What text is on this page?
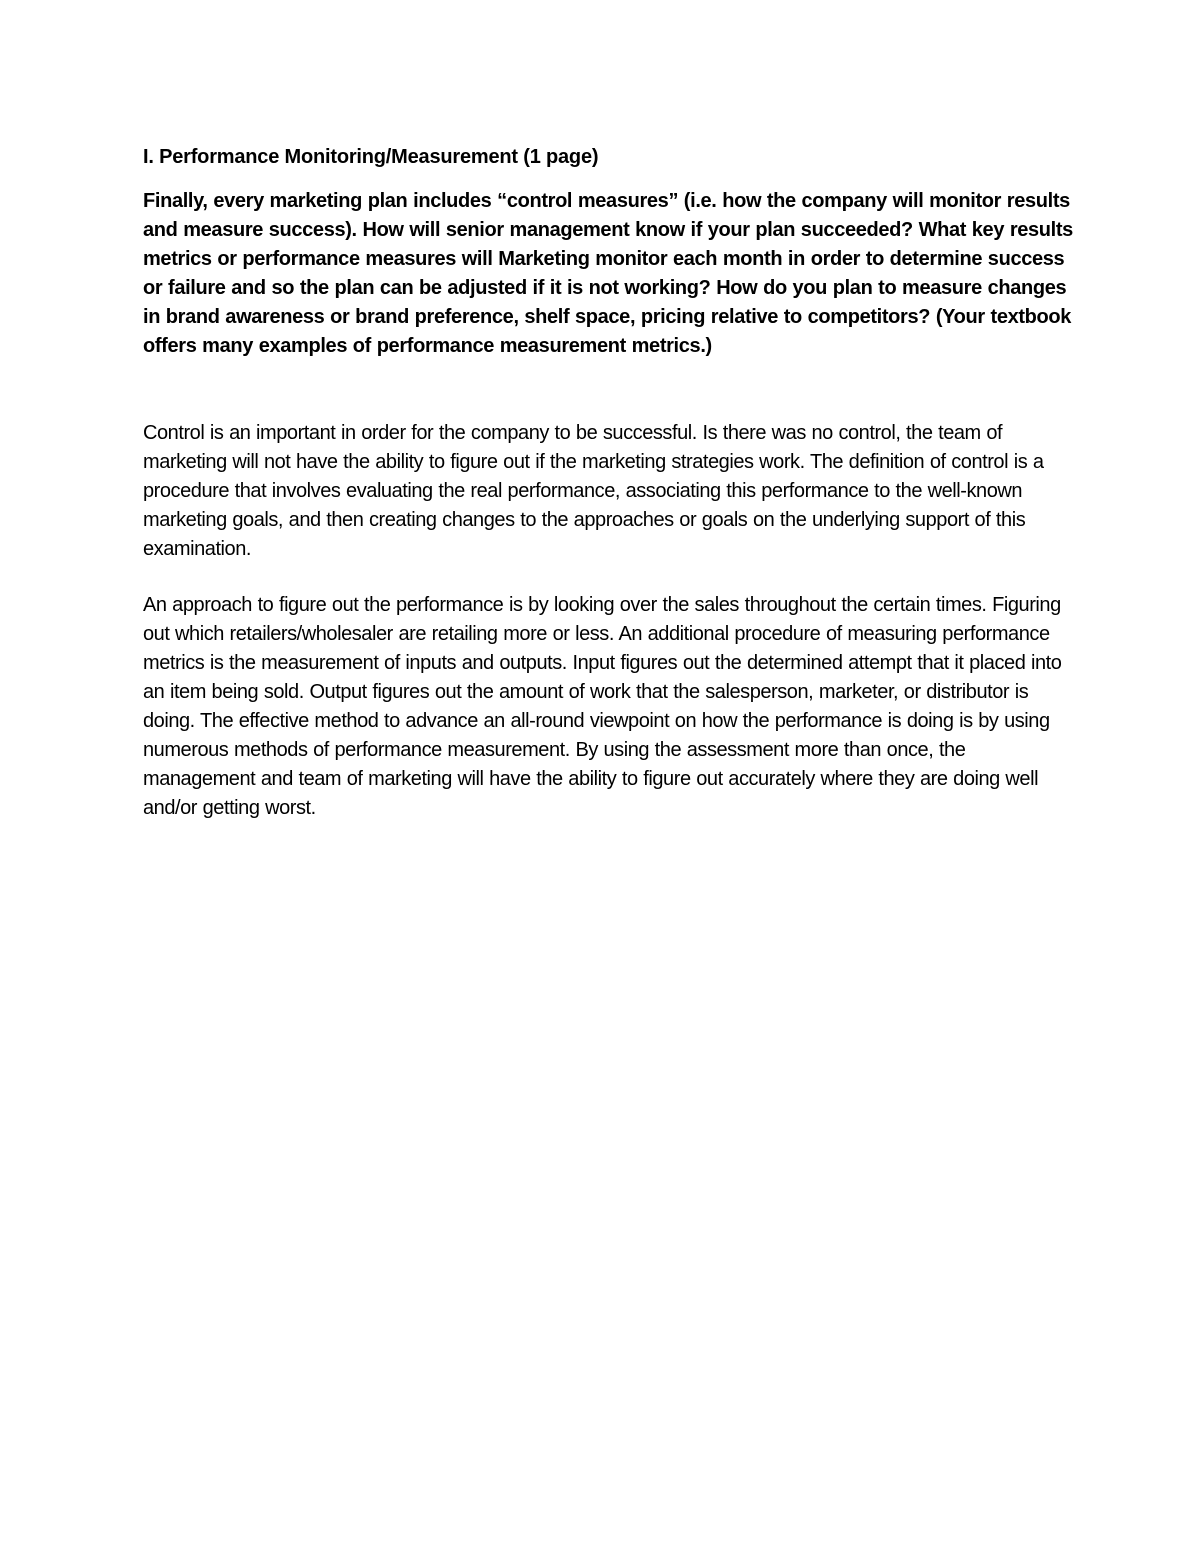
I. Performance Monitoring/Measurement (1 page)

Finally, every marketing plan includes “control measures” (i.e. how the company will monitor results and measure success). How will senior management know if your plan succeeded? What key results metrics or performance measures will Marketing monitor each month in order to determine success or failure and so the plan can be adjusted if it is not working? How do you plan to measure changes in brand awareness or brand preference, shelf space, pricing relative to competitors? (Your textbook offers many examples of performance measurement metrics.)

Control is an important in order for the company to be successful. Is there was no control, the team of marketing will not have the ability to figure out if the marketing strategies work. The definition of control is a procedure that involves evaluating the real performance, associating this performance to the well-known marketing goals, and then creating changes to the approaches or goals on the underlying support of this examination.

An approach to figure out the performance is by looking over the sales throughout the certain times. Figuring out which retailers/wholesaler are retailing more or less. An additional procedure of measuring performance metrics is the measurement of inputs and outputs. Input figures out the determined attempt that it placed into an item being sold. Output figures out the amount of work that the salesperson, marketer, or distributor is doing. The effective method to advance an all-round viewpoint on how the performance is doing is by using numerous methods of performance measurement. By using the assessment more than once, the management and team of marketing will have the ability to figure out accurately where they are doing well and/or getting worst.
